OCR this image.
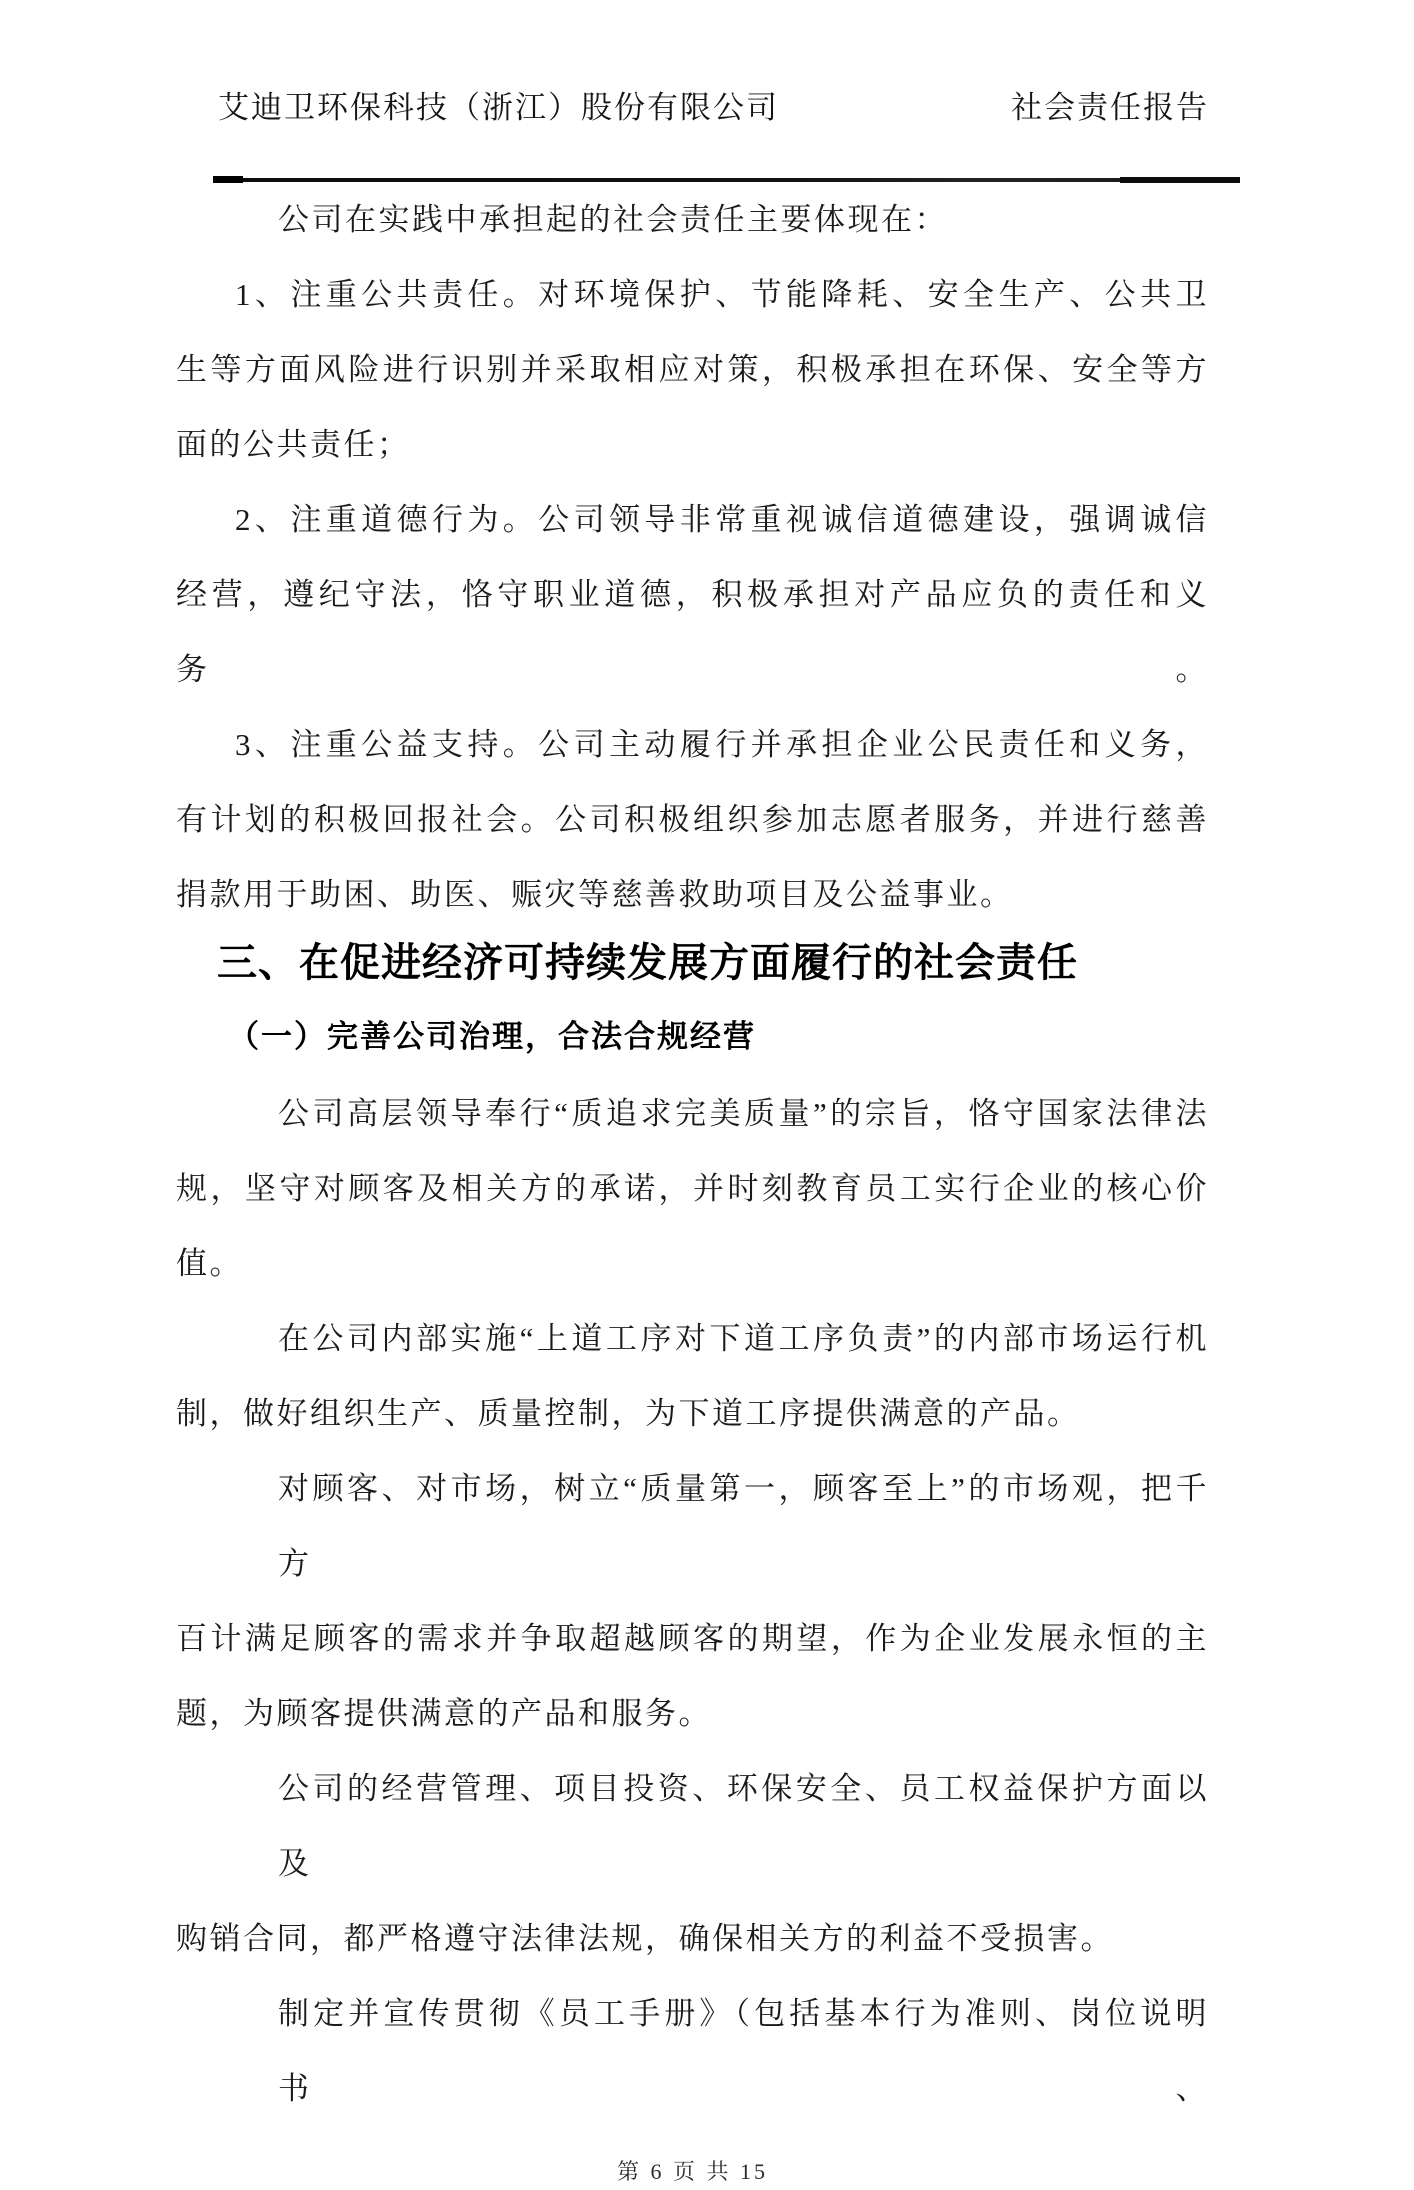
艾迪卫环保科技（浙江）股份有限公司	社会责任报告
公司在实践中承担起的社会责任主要体现在：
1、注重公共责任。对环境保护、节能降耗、安全生产、公共卫
生等方面风险进行识别并采取相应对策，积极承担在环保、安全等方
面的公共责任；
2、注重道德行为。公司领导非常重视诚信道德建设，强调诚信
经营，遵纪守法，恪守职业道德，积极承担对产品应负的责任和义务。
3、注重公益支持。公司主动履行并承担企业公民责任和义务，
有计划的积极回报社会。公司积极组织参加志愿者服务，并进行慈善
捐款用于助困、助医、赈灾等慈善救助项目及公益事业。
三、在促进经济可持续发展方面履行的社会责任
（一）完善公司治理，合法合规经营
公司高层领导奉行“质追求完美质量”的宗旨，恪守国家法律法
规，坚守对顾客及相关方的承诺，并时刻教育员工实行企业的核心价
值。
在公司内部实施“上道工序对下道工序负责”的内部市场运行机
制，做好组织生产、质量控制，为下道工序提供满意的产品。
对顾客、对市场，树立“质量第一，顾客至上”的市场观，把千方
百计满足顾客的需求并争取超越顾客的期望，作为企业发展永恒的主
题，为顾客提供满意的产品和服务。
公司的经营管理、项目投资、环保安全、员工权益保护方面以及
购销合同，都严格遵守法律法规，确保相关方的利益不受损害。
制定并宣传贯彻《员工手册》（包括基本行为准则、岗位说明书、
第 6 页 共 15
